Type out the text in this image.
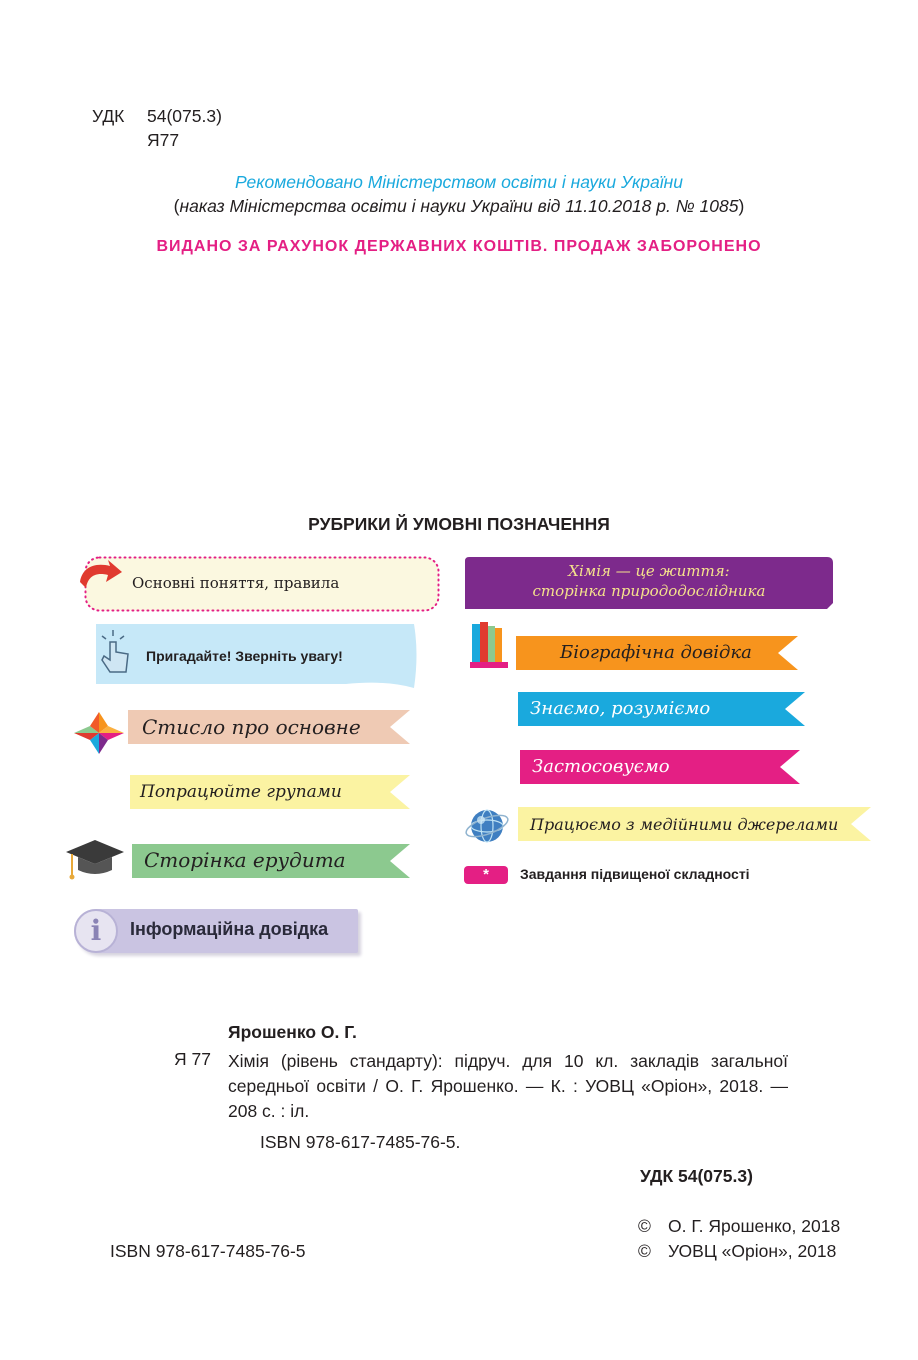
УДК 54(075.3)
Я77

Рекомендовано Міністерством освіти і науки України
(наказ Міністерства освіти і науки України від 11.10.2018 р. № 1085)
ВИДАНО ЗА РАХУНОК ДЕРЖАВНИХ КОШТІВ. ПРОДАЖ ЗАБОРОНЕНО
РУБРИКИ Й УМОВНІ ПОЗНАЧЕННЯ
Основні поняття, правила
Пригадайте! Зверніть увагу!
Стисло про основне
Попрацюйте групами
Сторінка ерудита
i	Інформаційна довідка
Хімія — це життя:
сторінка природодослідника
Біографічна довідка
Знаємо, розуміємо
Застосовуємо
Працюємо з медійними джерелами
*	Завдання підвищеної складності
Ярошенко О. Г.
Я 77 Хімія (рівень стандарту): підруч. для 10 кл. закладів загальної середньої освіти / О. Г. Ярошенко. — К. : УОВЦ «Оріон», 2018. — 208 с. : іл.
ISBN 978-617-7485-76-5.
УДК 54(075.3)
© О. Г. Ярошенко, 2018
© УОВЦ «Оріон», 2018
ISBN 978-617-7485-76-5
